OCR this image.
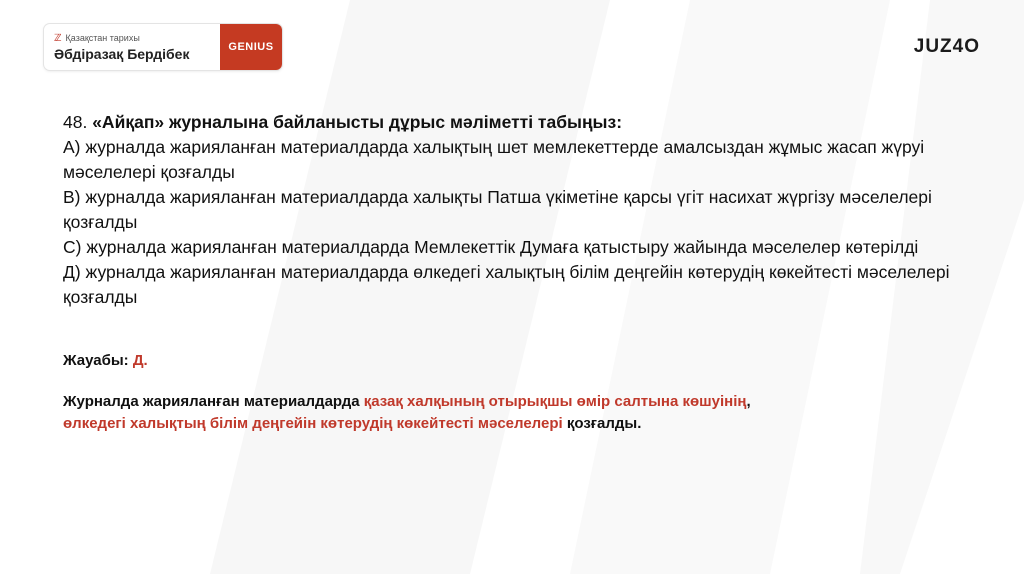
ℤ Қазақстан тарихы
Әбдіразақ Бердібек	GENIUS	JUZ4O
48. «Айқап» журналына байланысты дұрыс мәліметті табыңыз:
А) журналда жарияланған материалдарда халықтың шет мемлекеттерде амалсыздан жұмыс жасап жүруі мәселелері қозғалды
В) журналда жарияланған материалдарда халықты Патша үкіметіне қарсы үгіт насихат жүргізу мәселелері қозғалды
С) журналда жарияланған материалдарда Мемлекеттік Думаға қатыстыру жайында мәселелер көтерілді
Д) журналда жарияланған материалдарда өлкедегі халықтың білім деңгейін көтерудің көкейтесті мәселелері қозғалды
Жауабы: Д.
Журналда жарияланған материалдарда қазақ халқының отырықшы өмір салтына көшуінің,
өлкедегі халықтың білім деңгейін көтерудің көкейтесті мәселелері қозғалды.
